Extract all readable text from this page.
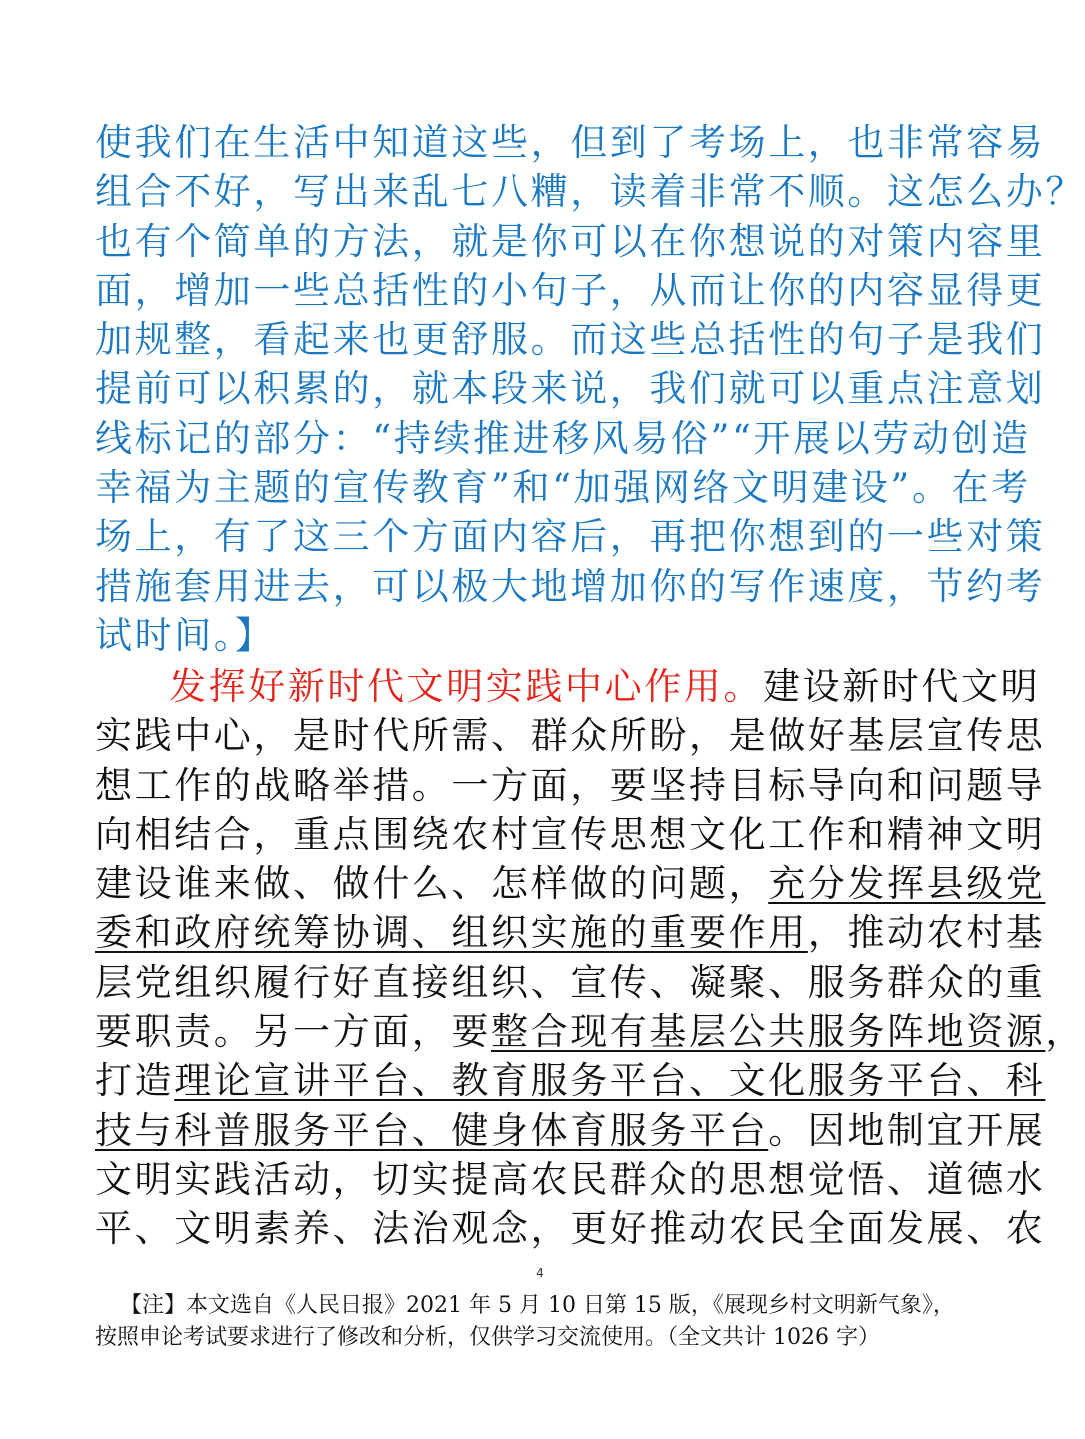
使我们在生活中知道这些，但到了考场上，也非常容易
组合不好，写出来乱七八糟，读着非常不顺。这怎么办？
也有个简单的方法，就是你可以在你想说的对策内容里
面，增加一些总括性的小句子，从而让你的内容显得更
加规整，看起来也更舒服。而这些总括性的句子是我们
提前可以积累的，就本段来说，我们就可以重点注意划
线标记的部分：“持续推进移风易俗”“开展以劳动创造
幸福为主题的宣传教育”和“加强网络文明建设”。在考
场上，有了这三个方面内容后，再把你想到的一些对策
措施套用进去，可以极大地增加你的写作速度，节约考
试时间。】
发挥好新时代文明实践中心作用。建设新时代文明
实践中心，是时代所需、群众所盼，是做好基层宣传思
想工作的战略举措。一方面，要坚持目标导向和问题导
向相结合，重点围绕农村宣传思想文化工作和精神文明
建设谁来做、做什么、怎样做的问题，充分发挥县级党
委和政府统筹协调、组织实施的重要作用，推动农村基
层党组织履行好直接组织、宣传、凝聚、服务群众的重
要职责。另一方面，要整合现有基层公共服务阵地资源，
打造理论宣讲平台、教育服务平台、文化服务平台、科
技与科普服务平台、健身体育服务平台。因地制宜开展
文明实践活动，切实提高农民群众的思想觉悟、道德水
平、文明素养、法治观念，更好推动农民全面发展、农
4
【注】本文选自《人民日报》2021 年 5 月 10 日第 15 版，《展现乡村文明新气象》，
按照申论考试要求进行了修改和分析，仅供学习交流使用。（全文共计 1026 字）
